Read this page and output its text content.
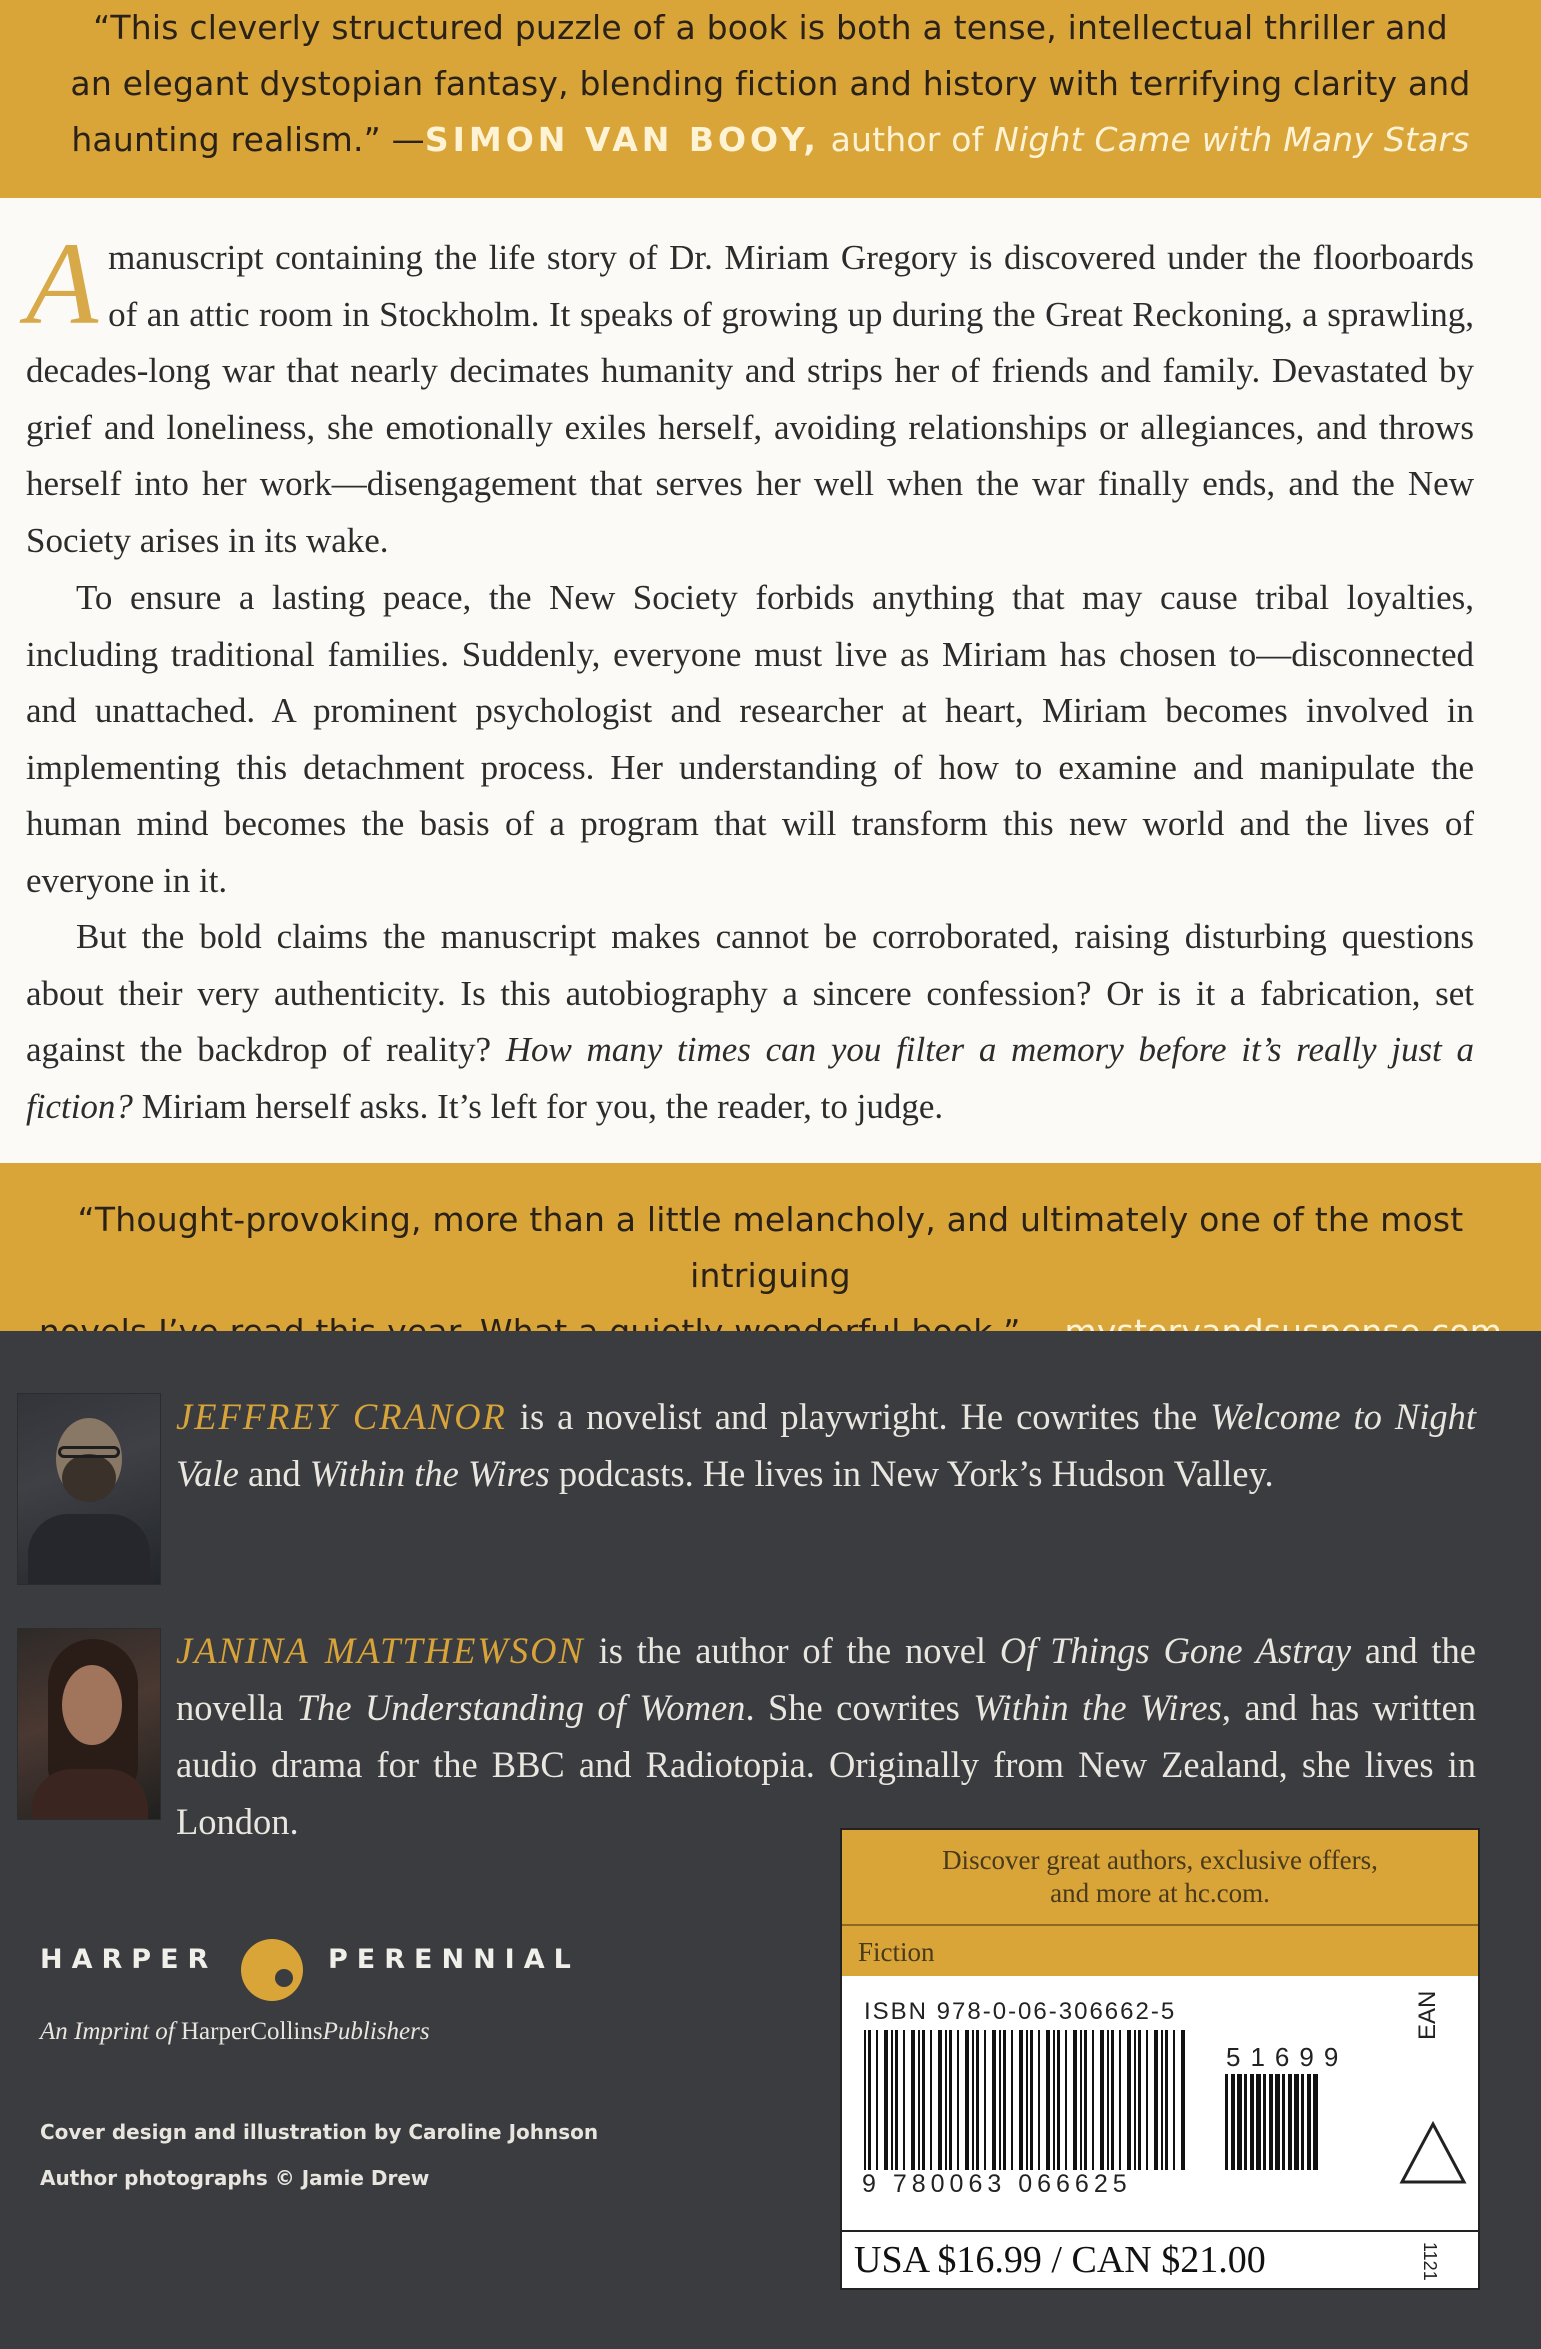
“This cleverly structured puzzle of a book is both a tense, intellectual thriller and
an elegant dystopian fantasy, blending fiction and history with terrifying clarity and
haunting realism.” —SIMON VAN BOOY, author of Night Came with Many Stars

Amanuscript containing the life story of Dr. Miriam Gregory is discovered under the floorboards of an attic room in Stockholm. It speaks of growing up during the Great Reckoning, a sprawling, decades-long war that nearly decimates humanity and strips her of friends and family. Devastated by grief and loneliness, she emotionally exiles herself, avoiding relationships or allegiances, and throws herself into her work—disengagement that serves her well when the war finally ends, and the New Society arises in its wake.

To ensure a lasting peace, the New Society forbids anything that may cause tribal loyalties, including traditional families. Suddenly, everyone must live as Miriam has chosen to—disconnected and unattached. A prominent psychologist and researcher at heart, Miriam becomes involved in implementing this detachment process. Her understanding of how to examine and manipulate the human mind becomes the basis of a program that will transform this new world and the lives of everyone in it.

But the bold claims the manuscript makes cannot be corroborated, raising disturbing questions about their very authenticity. Is this autobiography a sincere confession? Or is it a fabrication, set against the backdrop of reality? How many times can you filter a memory before it’s really just a fiction? Miriam herself asks. It’s left for you, the reader, to judge.

“Thought-provoking, more than a little melancholy, and ultimately one of the most intriguing

JEFFREY CRANOR is a novelist and playwright. He cowrites the Welcome to Night Vale and Within the Wires podcasts. He lives in New York’s Hudson Valley.

JANINA MATTHEWSON is the author of the novel Of Things Gone Astray and the novella The Understanding of Women. She cowrites Within the Wires, and has written audio drama for the BBC and Radiotopia. Originally from New Zealand, she lives in London.

HARPER	PERENNIAL
An Imprint of HarperCollinsPublishers
Cover design and illustration by Caroline Johnson
Author photographs © Jamie Drew
Discover great authors, exclusive offers,
and more at hc.com.
Fiction
ISBN 978-0-06-306662-5
51699
EAN
9 780063 066625
USA $16.99 / CAN $21.00	1121
